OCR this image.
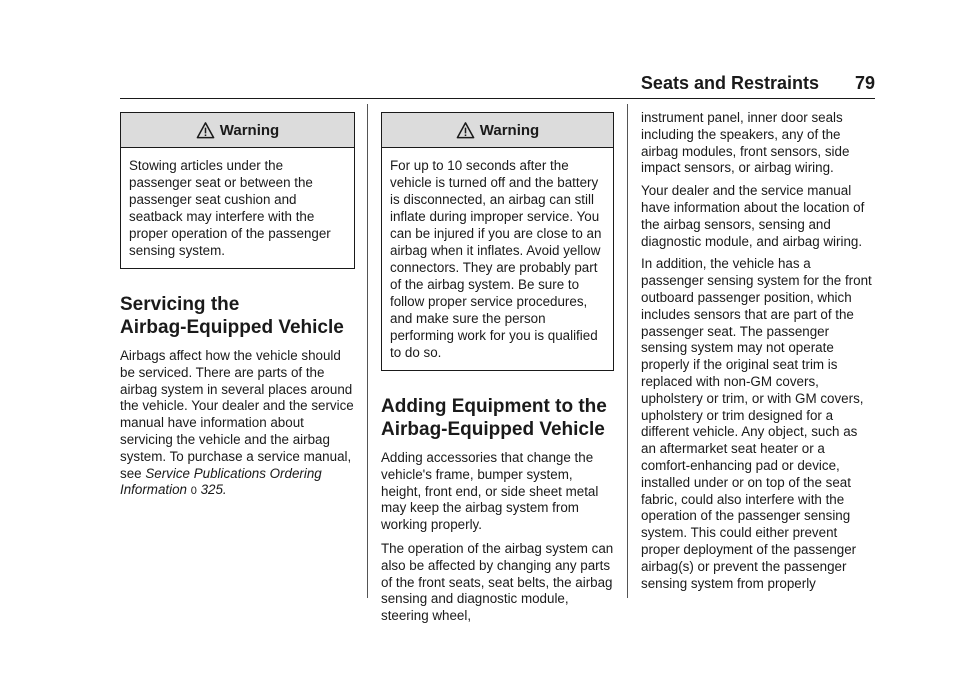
Seats and Restraints 79
Warning
Stowing articles under the passenger seat or between the passenger seat cushion and seatback may interfere with the proper operation of the passenger sensing system.
Servicing the
Airbag-Equipped Vehicle

Airbags affect how the vehicle should be serviced. There are parts of the airbag system in several places around the vehicle. Your dealer and the service manual have information about servicing the vehicle and the airbag system. To purchase a service manual, see Service Publications Ordering Information 0 325.

Warning
For up to 10 seconds after the vehicle is turned off and the battery is disconnected, an airbag can still inflate during improper service. You can be injured if you are close to an airbag when it inflates. Avoid yellow connectors. They are probably part of the airbag system. Be sure to follow proper service procedures, and make sure the person performing work for you is qualified to do so.
Adding Equipment to the
Airbag-Equipped Vehicle

Adding accessories that change the vehicle's frame, bumper system, height, front end, or side sheet metal may keep the airbag system from working properly.

The operation of the airbag system can also be affected by changing any parts of the front seats, seat belts, the airbag sensing and diagnostic module, steering wheel,

instrument panel, inner door seals including the speakers, any of the airbag modules, front sensors, side impact sensors, or airbag wiring.

Your dealer and the service manual have information about the location of the airbag sensors, sensing and diagnostic module, and airbag wiring.

In addition, the vehicle has a passenger sensing system for the front outboard passenger position, which includes sensors that are part of the passenger seat. The passenger sensing system may not operate properly if the original seat trim is replaced with non-GM covers, upholstery or trim, or with GM covers, upholstery or trim designed for a different vehicle. Any object, such as an aftermarket seat heater or a comfort-enhancing pad or device, installed under or on top of the seat fabric, could also interfere with the operation of the passenger sensing system. This could either prevent proper deployment of the passenger airbag(s) or prevent the passenger sensing system from properly
